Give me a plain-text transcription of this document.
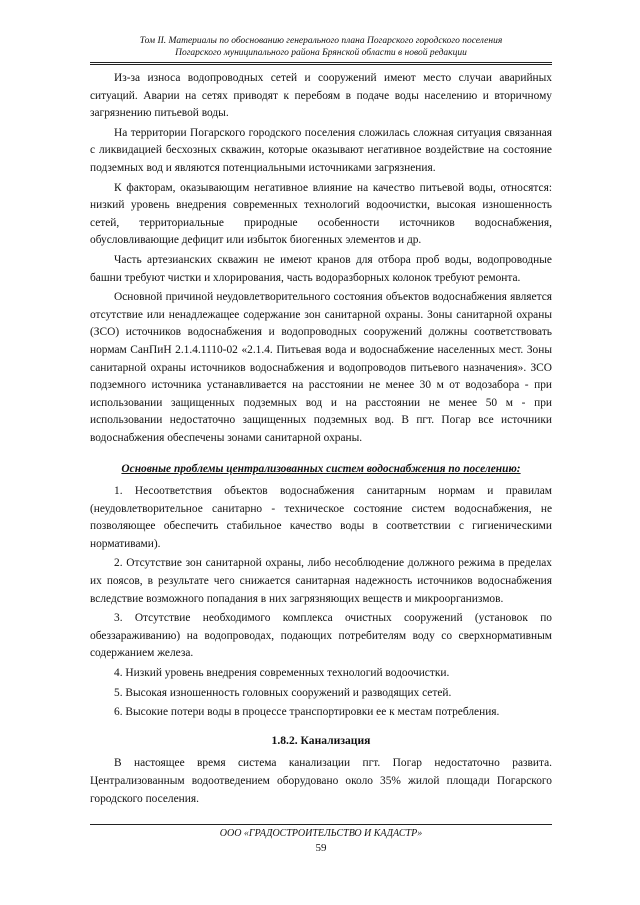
Том II. Материалы по обоснованию генерального плана Погарского городского поселения
Погарского муниципального района Брянской области в новой редакции

Из-за износа водопроводных сетей и сооружений имеют место случаи аварийных ситуаций. Аварии на сетях приводят к перебоям в подаче воды населению и вторичному загрязнению питьевой воды.

На территории Погарского городского поселения сложилась сложная ситуация связанная с ликвидацией бесхозных скважин, которые оказывают негативное воздействие на состояние подземных вод и являются потенциальными источниками загрязнения.

К факторам, оказывающим негативное влияние на качество питьевой воды, относятся: низкий уровень внедрения современных технологий водоочистки, высокая изношенность сетей, территориальные природные особенности источников водоснабжения, обусловливающие дефицит или избыток биогенных элементов и др.

Часть артезианских скважин не имеют кранов для отбора проб воды, водопроводные башни требуют чистки и хлорирования, часть водоразборных колонок требуют ремонта.

Основной причиной неудовлетворительного состояния объектов водоснабжения является отсутствие или ненадлежащее содержание зон санитарной охраны. Зоны санитарной охраны (ЗСО) источников водоснабжения и водопроводных сооружений должны соответствовать нормам СанПиН 2.1.4.1110-02 «2.1.4. Питьевая вода и водоснабжение населенных мест. Зоны санитарной охраны источников водоснабжения и водопроводов питьевого назначения». ЗСО подземного источника устанавливается на расстоянии не менее 30 м от водозабора - при использовании защищенных подземных вод и на расстоянии не менее 50 м - при использовании недостаточно защищенных подземных вод. В пгт. Погар все источники водоснабжения обеспечены зонами санитарной охраны.

Основные проблемы централизованных систем водоснабжения по поселению:

1. Несоответствия объектов водоснабжения санитарным нормам и правилам (неудовлетворительное санитарно - техническое состояние систем водоснабжения, не позволяющее обеспечить стабильное качество воды в соответствии с гигиеническими нормативами).

2. Отсутствие зон санитарной охраны, либо несоблюдение должного режима в пределах их поясов, в результате чего снижается санитарная надежность источников водоснабжения вследствие возможного попадания в них загрязняющих веществ и микроорганизмов.

3. Отсутствие необходимого комплекса очистных сооружений (установок по обеззараживанию) на водопроводах, подающих потребителям воду со сверхнормативным содержанием железа.

4. Низкий уровень внедрения современных технологий водоочистки.

5. Высокая изношенность головных сооружений и разводящих сетей.

6. Высокие потери воды в процессе транспортировки ее к местам потребления.

1.8.2. Канализация

В настоящее время система канализации пгт. Погар недостаточно развита. Централизованным водоотведением оборудовано около 35% жилой площади Погарского городского поселения.

ООО «ГРАДОСТРОИТЕЛЬСТВО И КАДАСТР»
59
